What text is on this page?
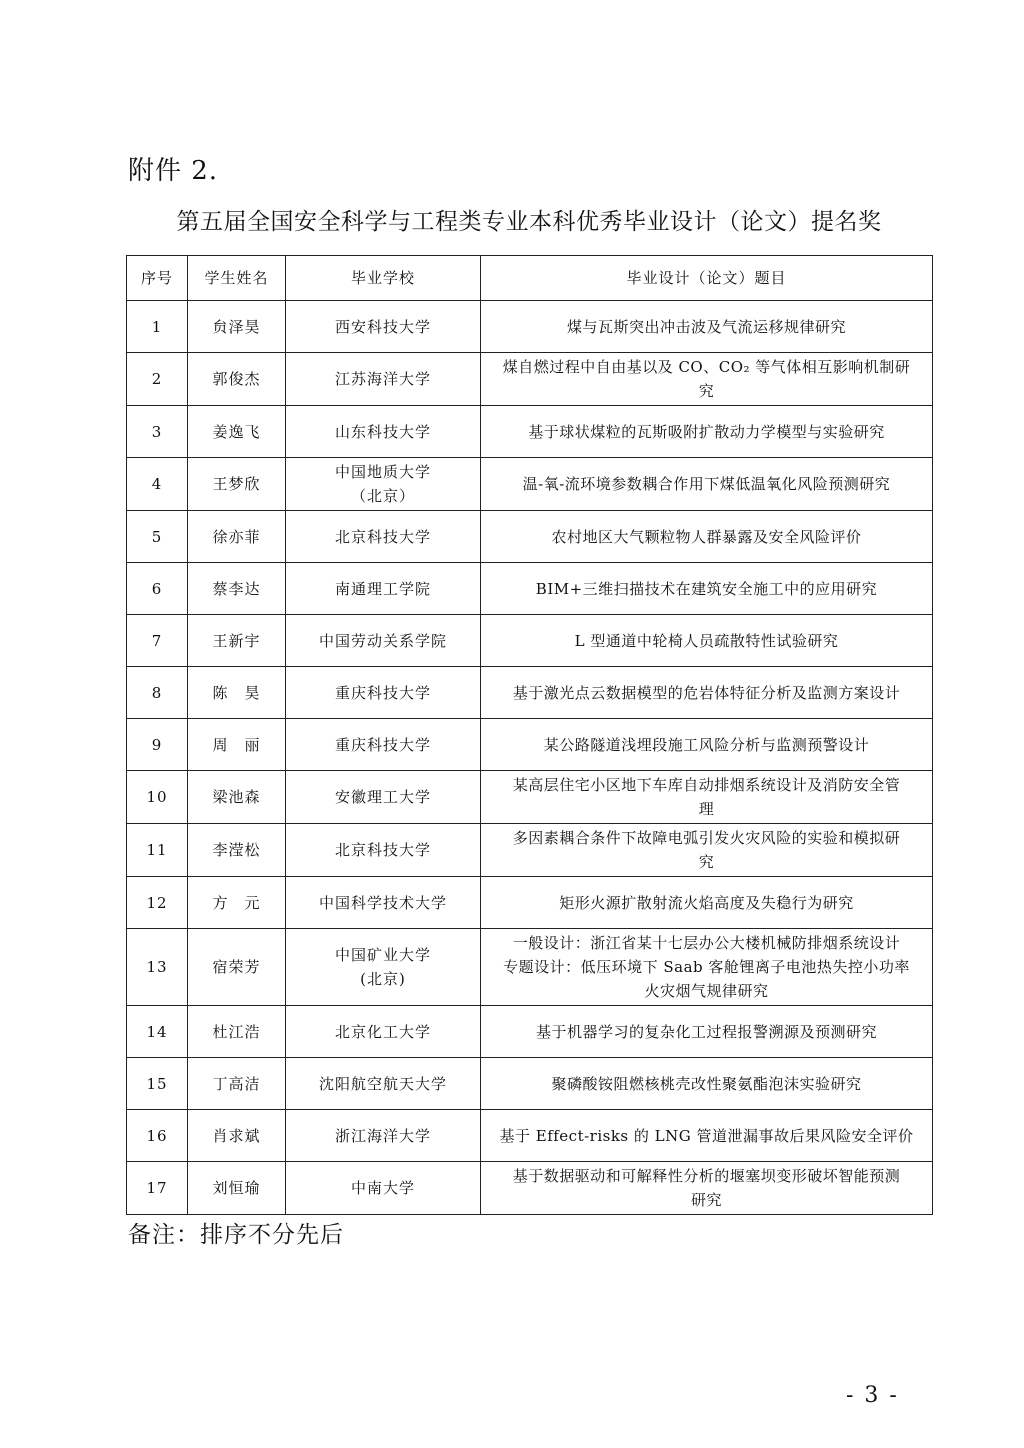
附件 2.
第五届全国安全科学与工程类专业本科优秀毕业设计（论文）提名奖
序号	学生姓名	毕业学校	毕业设计（论文）题目
1	贠泽昊	西安科技大学	煤与瓦斯突出冲击波及气流运移规律研究

2	郭俊杰	江苏海洋大学	煤自燃过程中自由基以及 CO、CO₂ 等气体相互影响机制研
究

3	姜逸飞	山东科技大学	基于球状煤粒的瓦斯吸附扩散动力学模型与实验研究

4	王梦欣	中国地质大学
（北京）	温-氧-流环境参数耦合作用下煤低温氧化风险预测研究

5	徐亦菲	北京科技大学	农村地区大气颗粒物人群暴露及安全风险评价

6	蔡李达	南通理工学院	BIM+三维扫描技术在建筑安全施工中的应用研究

7	王新宇	中国劳动关系学院	L 型通道中轮椅人员疏散特性试验研究

8	陈　昊	重庆科技大学	基于激光点云数据模型的危岩体特征分析及监测方案设计

9	周　丽	重庆科技大学	某公路隧道浅埋段施工风险分析与监测预警设计

10	梁池森	安徽理工大学	某高层住宅小区地下车库自动排烟系统设计及消防安全管
理

11	李滢松	北京科技大学	多因素耦合条件下故障电弧引发火灾风险的实验和模拟研
究

12	方　元	中国科学技术大学	矩形火源扩散射流火焰高度及失稳行为研究

13	宿荣芳	中国矿业大学
(北京)	一般设计：浙江省某十七层办公大楼机械防排烟系统设计
专题设计：低压环境下 Saab 客舱锂离子电池热失控小功率
火灾烟气规律研究

14	杜江浩	北京化工大学	基于机器学习的复杂化工过程报警溯源及预测研究

15	丁高洁	沈阳航空航天大学	聚磷酸铵阻燃核桃壳改性聚氨酯泡沫实验研究

16	肖求斌	浙江海洋大学	基于 Effect-risks 的 LNG 管道泄漏事故后果风险安全评价

17	刘恒瑜	中南大学	基于数据驱动和可解释性分析的堰塞坝变形破坏智能预测
研究
备注：排序不分先后
- 3 -
